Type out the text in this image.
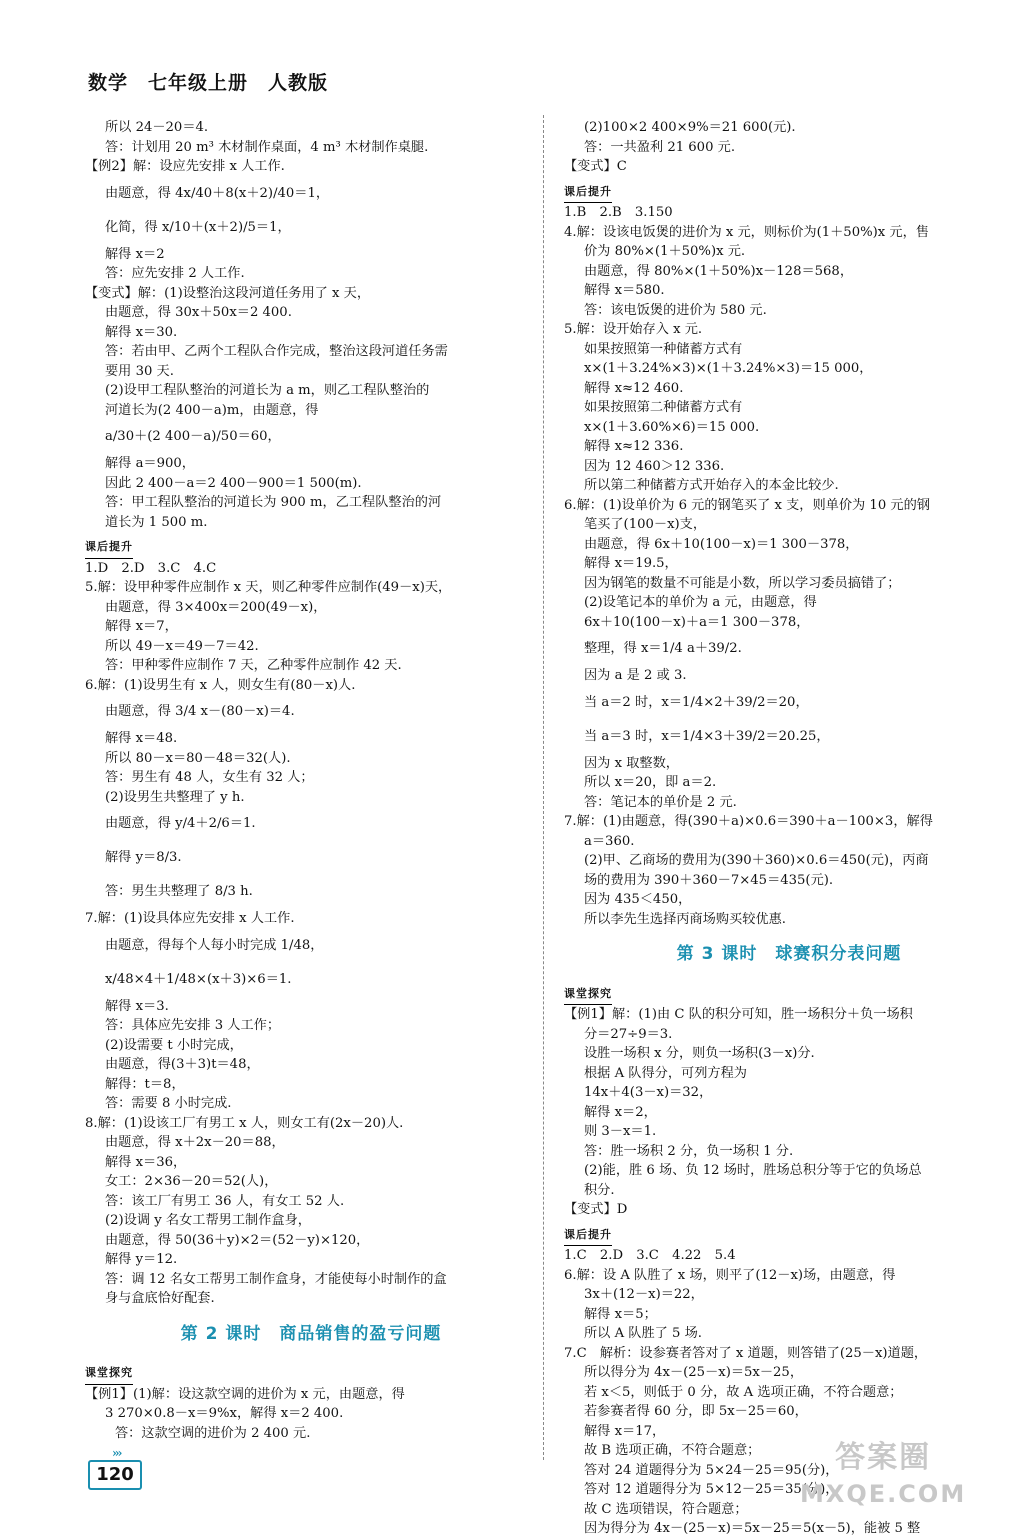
数学　七年级上册　人教版
所以 24－20＝4.
答：计划用 20 m³ 木材制作桌面，4 m³ 木材制作桌腿.
【例2】解：设应先安排 x 人工作.
由题意，得 4x/40＋8(x＋2)/40＝1，
化简，得 x/10＋(x＋2)/5＝1，
解得 x＝2
答：应先安排 2 人工作.
【变式】解：(1)设整治这段河道任务用了 x 天，
由题意，得 30x＋50x＝2 400.
解得 x＝30.
答：若由甲、乙两个工程队合作完成，整治这段河道任务需
要用 30 天.
(2)设甲工程队整治的河道长为 a m，则乙工程队整治的
河道长为(2 400－a)m，由题意，得
a/30＋(2 400－a)/50＝60，
解得 a＝900，
因此 2 400－a＝2 400－900＝1 500(m).
答：甲工程队整治的河道长为 900 m，乙工程队整治的河
道长为 1 500 m.
课后提升
1.D　2.D　3.C　4.C
5.解：设甲种零件应制作 x 天，则乙种零件应制作(49－x)天，
由题意，得 3×400x＝200(49－x)，
解得 x＝7，
所以 49－x＝49－7＝42.
答：甲种零件应制作 7 天，乙种零件应制作 42 天.
6.解：(1)设男生有 x 人，则女生有(80－x)人.
由题意，得 3/4 x－(80－x)＝4.
解得 x＝48.
所以 80－x＝80－48＝32(人).
答：男生有 48 人，女生有 32 人；
(2)设男生共整理了 y h.
由题意，得 y/4＋2/6＝1.
解得 y＝8/3.
答：男生共整理了 8/3 h.
7.解：(1)设具体应先安排 x 人工作.
由题意，得每个人每小时完成 1/48，
x/48×4＋1/48×(x＋3)×6＝1.
解得 x＝3.
答：具体应先安排 3 人工作；
(2)设需要 t 小时完成，
由题意，得(3＋3)t＝48，
解得：t＝8，
答：需要 8 小时完成.
8.解：(1)设该工厂有男工 x 人，则女工有(2x－20)人.
由题意，得 x＋2x－20＝88，
解得 x＝36，
女工：2×36－20＝52(人)，
答：该工厂有男工 36 人，有女工 52 人.
(2)设调 y 名女工帮男工制作盒身，
由题意，得 50(36＋y)×2＝(52－y)×120，
解得 y＝12.
答：调 12 名女工帮男工制作盒身，才能使每小时制作的盒
身与盒底恰好配套.
第 2 课时　商品销售的盈亏问题
课堂探究
【例1】(1)解：设这款空调的进价为 x 元，由题意，得
3 270×0.8－x＝9%x，解得 x＝2 400.
答：这款空调的进价为 2 400 元.
(2)100×2 400×9%＝21 600(元).
答：一共盈利 21 600 元.
【变式】C
课后提升
1.B　2.B　3.150
4.解：设该电饭煲的进价为 x 元，则标价为(1＋50%)x 元，售
价为 80%×(1＋50%)x 元.
由题意，得 80%×(1＋50%)x－128＝568，
解得 x＝580.
答：该电饭煲的进价为 580 元.
5.解：设开始存入 x 元.
如果按照第一种储蓄方式有
x×(1＋3.24%×3)×(1＋3.24%×3)＝15 000，
解得 x≈12 460.
如果按照第二种储蓄方式有
x×(1＋3.60%×6)＝15 000.
解得 x≈12 336.
因为 12 460＞12 336.
所以第二种储蓄方式开始存入的本金比较少.
6.解：(1)设单价为 6 元的钢笔买了 x 支，则单价为 10 元的钢
笔买了(100－x)支，
由题意，得 6x＋10(100－x)＝1 300－378，
解得 x＝19.5，
因为钢笔的数量不可能是小数，所以学习委员搞错了；
(2)设笔记本的单价为 a 元，由题意，得
6x＋10(100－x)＋a＝1 300－378，
整理，得 x＝1/4 a＋39/2.
因为 a 是 2 或 3.
当 a＝2 时，x＝1/4×2＋39/2＝20，
当 a＝3 时，x＝1/4×3＋39/2＝20.25，
因为 x 取整数，
所以 x＝20，即 a＝2.
答：笔记本的单价是 2 元.
7.解：(1)由题意，得(390＋a)×0.6＝390＋a－100×3，解得
a＝360.
(2)甲、乙商场的费用为(390＋360)×0.6＝450(元)，丙商
场的费用为 390＋360－7×45＝435(元).
因为 435＜450，
所以李先生选择丙商场购买较优惠.
第 3 课时　球赛积分表问题
课堂探究
【例1】解：(1)由 C 队的积分可知，胜一场积分＋负一场积
分＝27÷9＝3.
设胜一场积 x 分，则负一场积(3－x)分.
根据 A 队得分，可列方程为
14x＋4(3－x)＝32，
解得 x＝2，
则 3－x＝1.
答：胜一场积 2 分，负一场积 1 分.
(2)能，胜 6 场、负 12 场时，胜场总积分等于它的负场总
积分.
【变式】D
课后提升
1.C　2.D　3.C　4.22　5.4
6.解：设 A 队胜了 x 场，则平了(12－x)场，由题意，得
3x＋(12－x)＝22，
解得 x＝5；
所以 A 队胜了 5 场.
7.C　解析：设参赛者答对了 x 道题，则答错了(25－x)道题，
所以得分为 4x－(25－x)＝5x－25，
若 x＜5，则低于 0 分，故 A 选项正确，不符合题意；
若参赛者得 60 分，即 5x－25＝60，
解得 x＝17，
故 B 选项正确，不符合题意；
答对 24 道题得分为 5×24－25＝95(分)，
答对 12 道题得分为 5×12－25＝35(分)，
故 C 选项错误，符合题意；
因为得分为 4x－(25－x)＝5x－25＝5(x－5)，能被 5 整
›››
120	答案圈
MXQE.COM
